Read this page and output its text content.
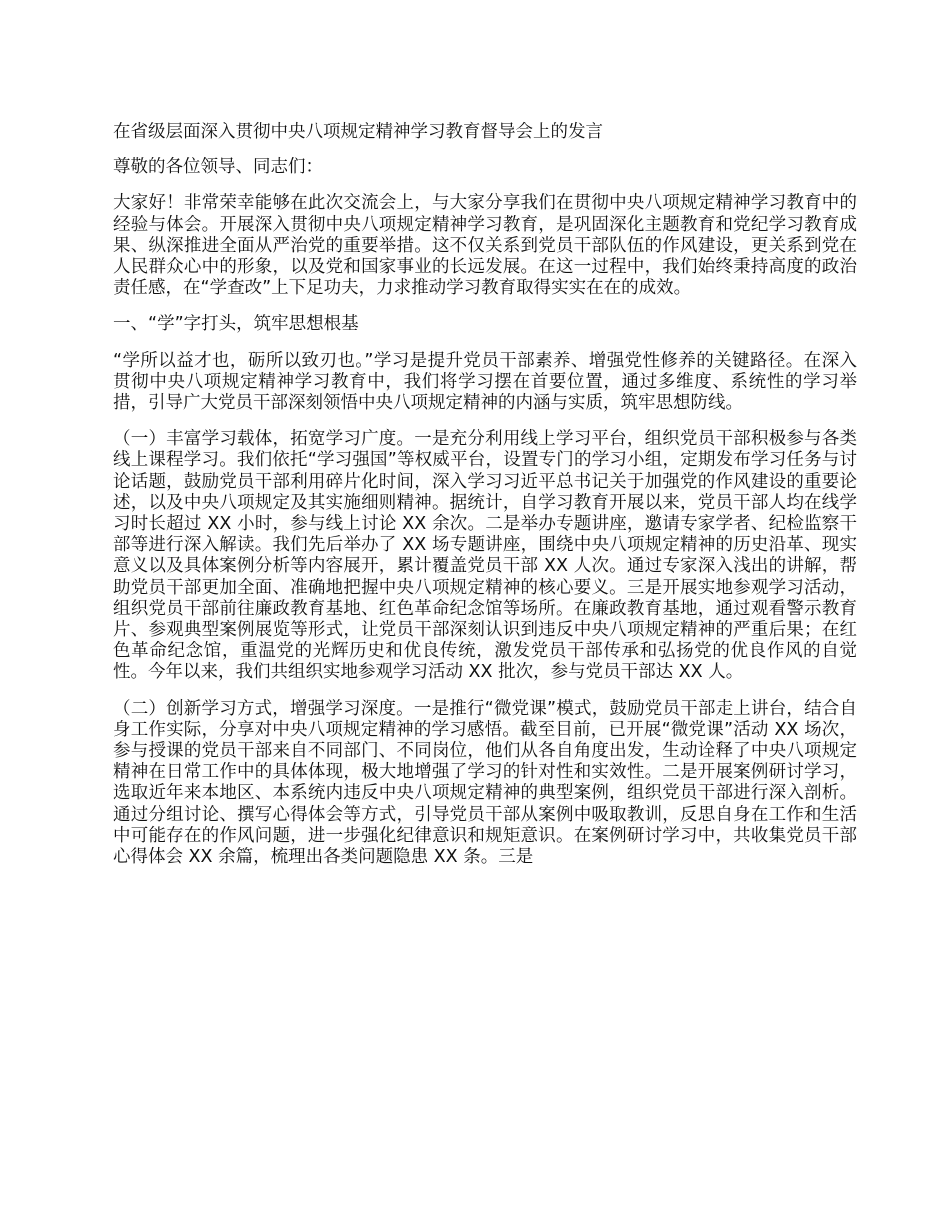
在省级层面深入贯彻中央八项规定精神学习教育督导会上的发言

尊敬的各位领导、同志们：

大家好！非常荣幸能够在此次交流会上，与大家分享我们在贯彻中央八项规定精神学习教育中的经验与体会。开展深入贯彻中央八项规定精神学习教育，是巩固深化主题教育和党纪学习教育成果、纵深推进全面从严治党的重要举措。这不仅关系到党员干部队伍的作风建设，更关系到党在人民群众心中的形象，以及党和国家事业的长远发展。在这一过程中，我们始终秉持高度的政治责任感，在“学查改”上下足功夫，力求推动学习教育取得实实在在的成效。

一、“学”字打头，筑牢思想根基

“学所以益才也，砺所以致刃也。”学习是提升党员干部素养、增强党性修养的关键路径。在深入贯彻中央八项规定精神学习教育中，我们将学习摆在首要位置，通过多维度、系统性的学习举措，引导广大党员干部深刻领悟中央八项规定精神的内涵与实质，筑牢思想防线。

（一）丰富学习载体，拓宽学习广度。一是充分利用线上学习平台，组织党员干部积极参与各类线上课程学习。我们依托“学习强国”等权威平台，设置专门的学习小组，定期发布学习任务与讨论话题，鼓励党员干部利用碎片化时间，深入学习习近平总书记关于加强党的作风建设的重要论述，以及中央八项规定及其实施细则精神。据统计，自学习教育开展以来，党员干部人均在线学习时长超过 XX 小时，参与线上讨论 XX 余次。二是举办专题讲座，邀请专家学者、纪检监察干部等进行深入解读。我们先后举办了 XX 场专题讲座，围绕中央八项规定精神的历史沿革、现实意义以及具体案例分析等内容展开，累计覆盖党员干部 XX 人次。通过专家深入浅出的讲解，帮助党员干部更加全面、准确地把握中央八项规定精神的核心要义。三是开展实地参观学习活动，组织党员干部前往廉政教育基地、红色革命纪念馆等场所。在廉政教育基地，通过观看警示教育片、参观典型案例展览等形式，让党员干部深刻认识到违反中央八项规定精神的严重后果；在红色革命纪念馆，重温党的光辉历史和优良传统，激发党员干部传承和弘扬党的优良作风的自觉性。今年以来，我们共组织实地参观学习活动 XX 批次，参与党员干部达 XX 人。

（二）创新学习方式，增强学习深度。一是推行“微党课”模式，鼓励党员干部走上讲台，结合自身工作实际，分享对中央八项规定精神的学习感悟。截至目前，已开展“微党课”活动 XX 场次，参与授课的党员干部来自不同部门、不同岗位，他们从各自角度出发，生动诠释了中央八项规定精神在日常工作中的具体体现，极大地增强了学习的针对性和实效性。二是开展案例研讨学习，选取近年来本地区、本系统内违反中央八项规定精神的典型案例，组织党员干部进行深入剖析。通过分组讨论、撰写心得体会等方式，引导党员干部从案例中吸取教训，反思自身在工作和生活中可能存在的作风问题，进一步强化纪律意识和规矩意识。在案例研讨学习中，共收集党员干部心得体会 XX 余篇，梳理出各类问题隐患 XX 条。三是
